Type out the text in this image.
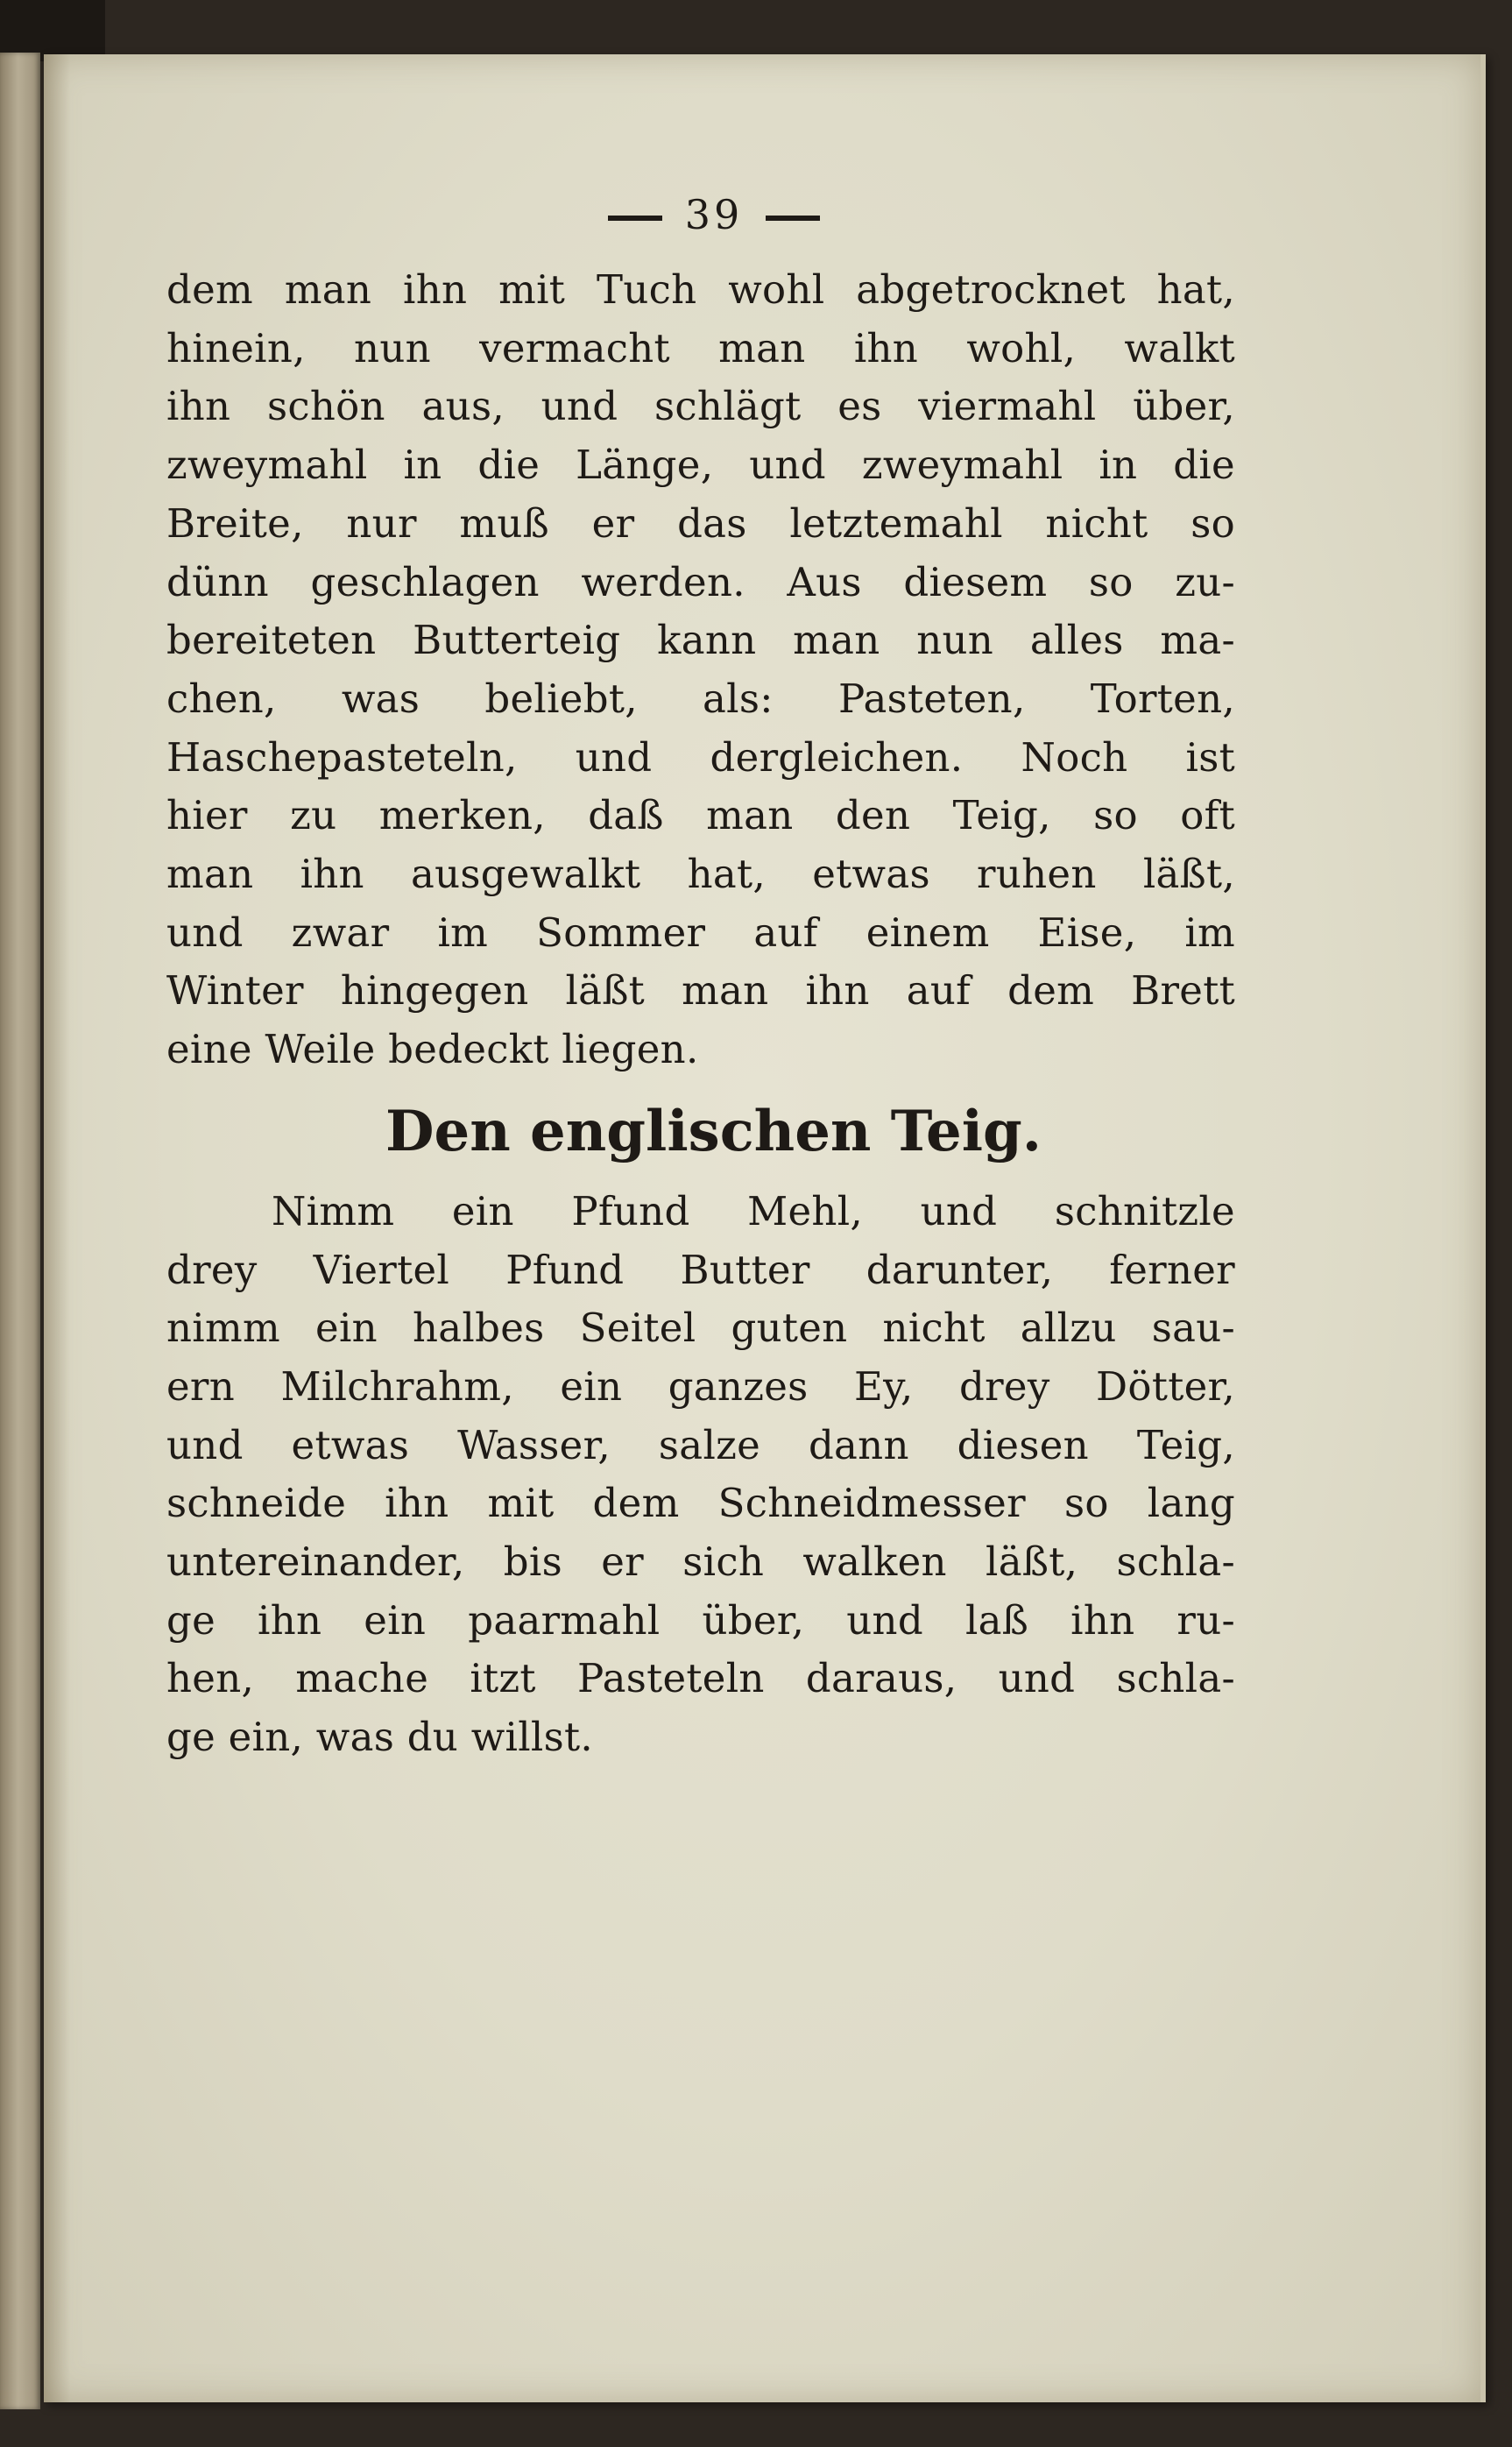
39
dem man ihn mit Tuch wohl abgetrocknet hat,
hinein, nun vermacht man ihn wohl, walkt
ihn schön aus, und schlägt es viermahl über,
zweymahl in die Länge, und zweymahl in die
Breite, nur muß er das letztemahl nicht so
dünn geschlagen werden. Aus diesem so zu-
bereiteten Butterteig kann man nun alles ma-
chen, was beliebt, als: Pasteten, Torten,
Haschepasteteln, und dergleichen. Noch ist
hier zu merken, daß man den Teig, so oft
man ihn ausgewalkt hat, etwas ruhen läßt,
und zwar im Sommer auf einem Eise, im
Winter hingegen läßt man ihn auf dem Brett
eine Weile bedeckt liegen.
Den englischen Teig.
Nimm ein Pfund Mehl, und schnitzle
drey Viertel Pfund Butter darunter, ferner
nimm ein halbes Seitel guten nicht allzu sau-
ern Milchrahm, ein ganzes Ey, drey Dötter,
und etwas Wasser, salze dann diesen Teig,
schneide ihn mit dem Schneidmesser so lang
untereinander, bis er sich walken läßt, schla-
ge ihn ein paarmahl über, und laß ihn ru-
hen, mache itzt Pasteteln daraus, und schla-
ge ein, was du willst.
